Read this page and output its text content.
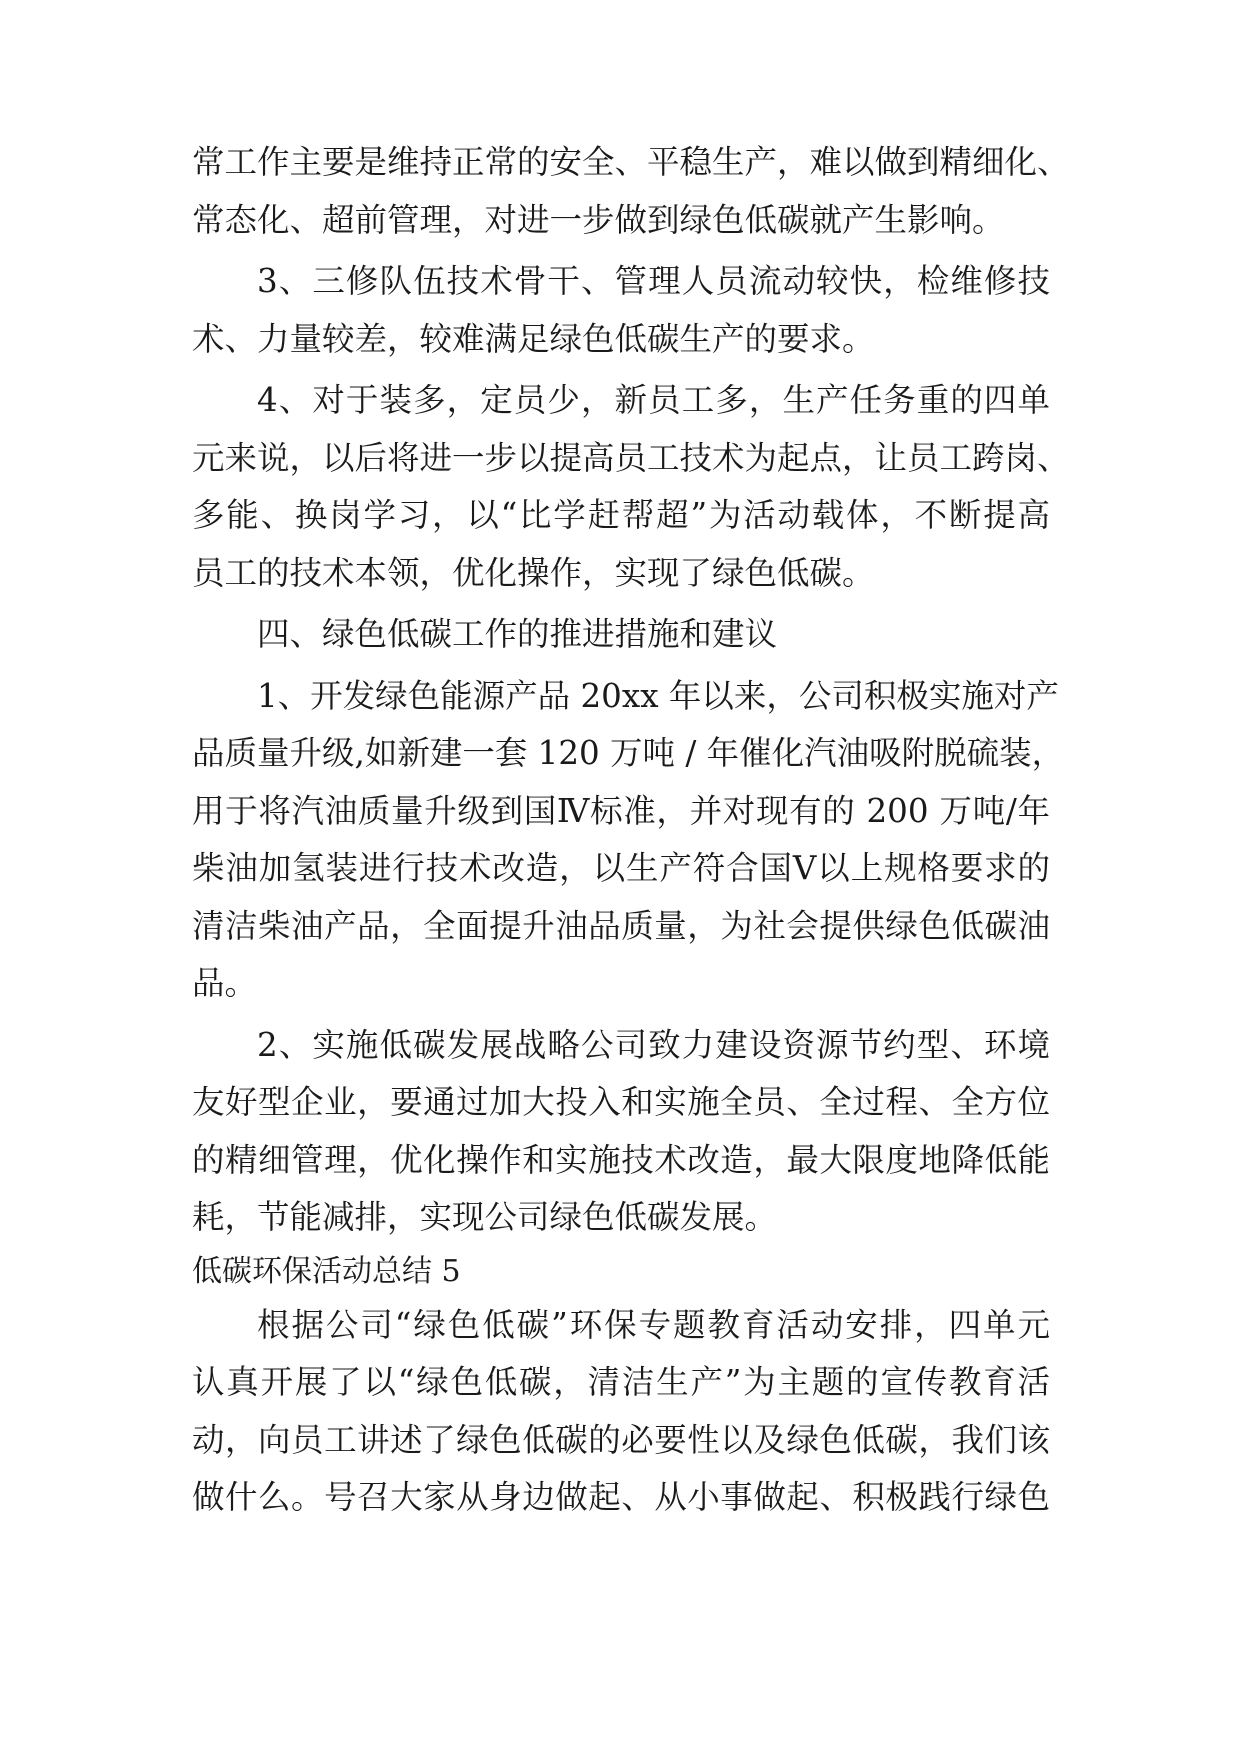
常工作主要是维持正常的安全、平稳生产，难以做到精细化、
常态化、超前管理，对进一步做到绿色低碳就产生影响。
3、三修队伍技术骨干、管理人员流动较快，检维修技
术、力量较差，较难满足绿色低碳生产的要求。
4、对于装多，定员少，新员工多，生产任务重的四单
元来说，以后将进一步以提高员工技术为起点，让员工跨岗、
多能、换岗学习，以“比学赶帮超”为活动载体，不断提高
员工的技术本领，优化操作，实现了绿色低碳。
四、绿色低碳工作的推进措施和建议
1、开发绿色能源产品 20xx 年以来，公司积极实施对产
品质量升级,如新建一套 120 万吨 / 年催化汽油吸附脱硫装，
用于将汽油质量升级到国Ⅳ标准，并对现有的 200 万吨/年
柴油加氢装进行技术改造，以生产符合国Ⅴ以上规格要求的
清洁柴油产品，全面提升油品质量，为社会提供绿色低碳油
品。
2、实施低碳发展战略公司致力建设资源节约型、环境
友好型企业，要通过加大投入和实施全员、全过程、全方位
的精细管理，优化操作和实施技术改造，最大限度地降低能
耗，节能减排，实现公司绿色低碳发展。
低碳环保活动总结 5
根据公司“绿色低碳”环保专题教育活动安排，四单元
认真开展了以“绿色低碳，清洁生产”为主题的宣传教育活
动，向员工讲述了绿色低碳的必要性以及绿色低碳，我们该
做什么。号召大家从身边做起、从小事做起、积极践行绿色
